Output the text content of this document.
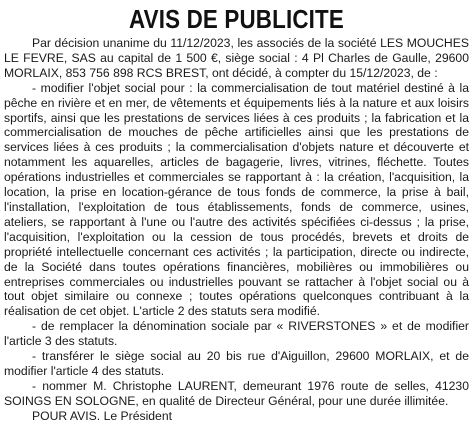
AVIS DE PUBLICITE

Par décision unanime du 11/12/2023, les associés de la société LES MOUCHES LE FEVRE, SAS au capital de 1 500 €, siège social : 4 Pl Charles de Gaulle, 29600 MORLAIX, 853 756 898 RCS BREST, ont décidé, à compter du 15/12/2023, de :

- modifier l'objet social pour : la commercialisation de tout matériel destiné à la pêche en rivière et en mer, de vêtements et équipements liés à la nature et aux loisirs sportifs, ainsi que les prestations de services liées à ces produits ; la fabrication et la commercialisation de mouches de pêche artificielles ainsi que les prestations de services liées à ces produits ; la commercialisation d'objets nature et découverte et notamment les aquarelles, articles de bagagerie, livres, vitrines, fléchette. Toutes opérations industrielles et commerciales se rapportant à : la création, l'acquisition, la location, la prise en location-gérance de tous fonds de commerce, la prise à bail, l'installation, l'exploitation de tous établissements, fonds de commerce, usines, ateliers, se rapportant à l'une ou l'autre des activités spécifiées ci-dessus ; la prise, l'acquisition, l'exploitation ou la cession de tous procédés, brevets et droits de propriété intellectuelle concernant ces activités ; la participation, directe ou indirecte, de la Société dans toutes opérations financières, mobilières ou immobilières ou entreprises commerciales ou industrielles pouvant se rattacher à l'objet social ou à tout objet similaire ou connexe ; toutes opérations quelconques contribuant à la réalisation de cet objet. L'article 2 des statuts sera modifié.

- de remplacer la dénomination sociale par « RIVERSTONES » et de modifier l'article 3 des statuts.

- transférer le siège social au 20 bis rue d'Aiguillon, 29600 MORLAIX, et de modifier l'article 4 des statuts.

- nommer M. Christophe LAURENT, demeurant 1976 route de selles, 41230 SOINGS EN SOLOGNE, en qualité de Directeur Général, pour une durée illimitée.

POUR AVIS. Le Président
